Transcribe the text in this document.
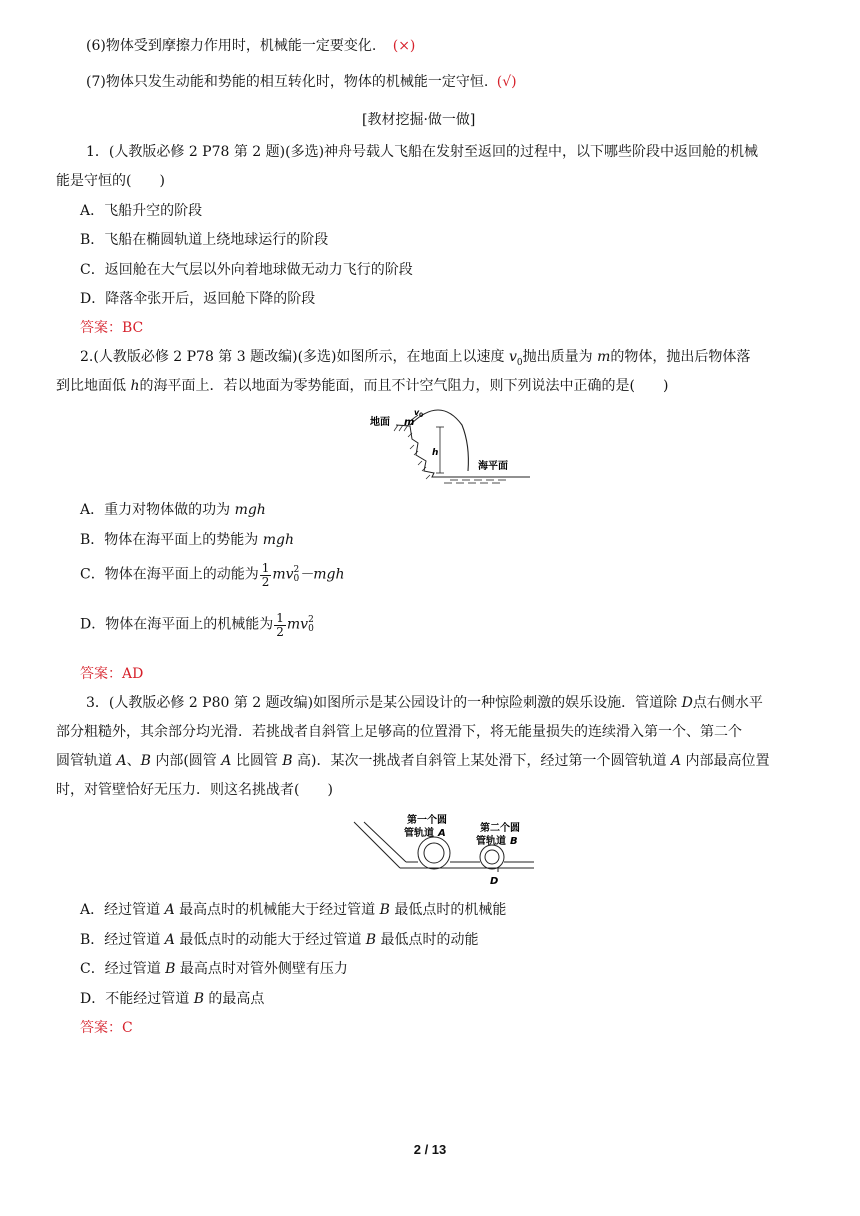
(6)物体受到摩擦力作用时，机械能一定要变化. (×)
(7)物体只发生动能和势能的相互转化时，物体的机械能一定守恒. (√)
[教材挖掘·做一做]
1．(人教版必修 2 P78 第 2 题)(多选)神舟号载人飞船在发射至返回的过程中，以下哪些阶段中返回舱的机械
能是守恒的(　　)
A．飞船升空的阶段
B．飞船在椭圆轨道上绕地球运行的阶段
C．返回舱在大气层以外向着地球做无动力飞行的阶段
D．降落伞张开后，返回舱下降的阶段
答案：BC
2.(人教版必修 2 P78 第 3 题改编)(多选)如图所示，在地面上以速度 $v_0$抛出质量为 m的物体，抛出后物体落
到比地面低 h的海平面上．若以地面为零势能面，而且不计空气阻力，则下列说法中正确的是(　　)
地面 m
v 0
h
海平面
A．重力对物体做的功为 mgh
B．物体在海平面上的势能为 mgh
C．物体在海平面上的动能为 $\frac{1}{2}$ mv 2
0 －mgh
D．物体在海平面上的机械能为 $\frac{1}{2}$ mv 2
0
答案：AD
3．(人教版必修 2 P80 第 2 题改编)如图所示是某公园设计的一种惊险刺激的娱乐设施．管道除 D点右侧水平
部分粗糙外，其余部分均光滑．若挑战者自斜管上足够高的位置滑下，将无能量损失的连续滑入第一个、第二个
圆管轨道 A、B 内部(圆管 A 比圆管 B 高)．某次一挑战者自斜管上某处滑下，经过第一个圆管轨道 A 内部最高位置
时，对管壁恰好无压力．则这名挑战者(　　)
第一个圆
管轨道 A	第二个圆
管轨道 B
D
A．经过管道 A 最高点时的机械能大于经过管道 B 最低点时的机械能
B．经过管道 A 最低点时的动能大于经过管道 B 最低点时的动能
C．经过管道 B 最高点时对管外侧壁有压力
D．不能经过管道 B 的最高点
答案：C
2 / 13
